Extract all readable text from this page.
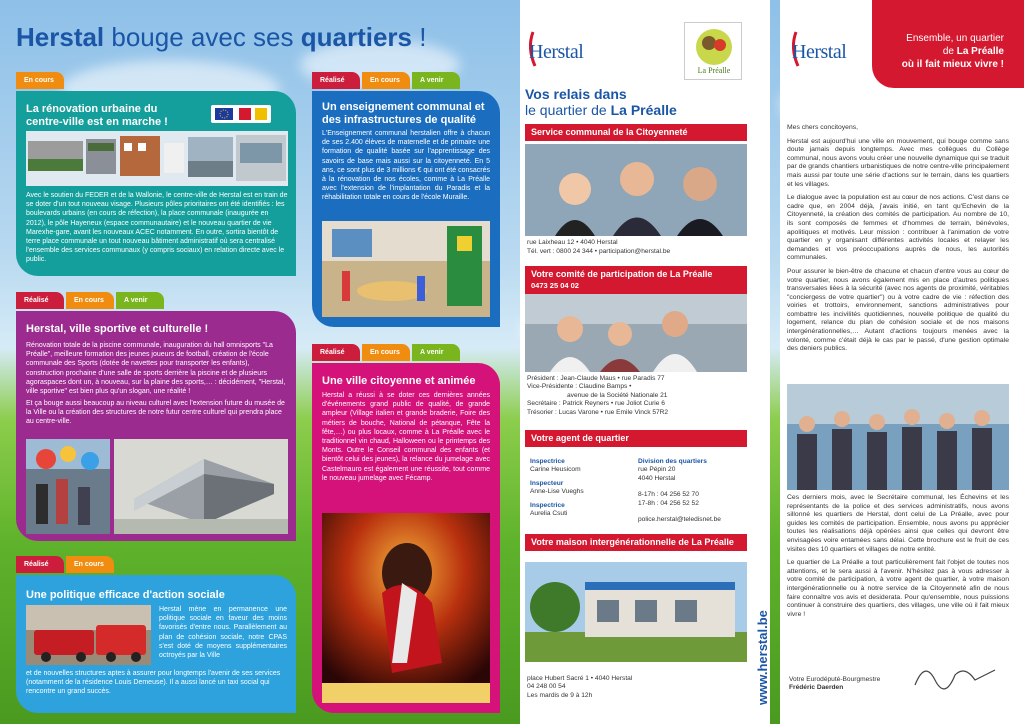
Herstal bouge avec ses quartiers !
En cours
La rénovation urbaine du centre-ville est en marche !

Avec le soutien du FEDER et de la Wallonie, le centre-ville de Herstal est en train de se doter d'un tout nouveau visage. Plusieurs pôles prioritaires ont été identifiés : les boulevards urbains (en cours de réfection), la place communale (inaugurée en 2012), le pôle Hayeneux (espace communautaire) et le nouveau quartier de vie Marexhe-gare, avant les nouveaux ACEC notamment. En outre, sortira bientôt de terre place communale un tout nouveau bâtiment administratif où sera centralisé l'ensemble des services communaux (y compris sociaux) en relation directe avec le public.

Réalisé	En cours	A venir
Un enseignement communal et des infrastructures de qualité

L'Enseignement communal herstalien offre à chacun de ses 2.400 élèves de maternelle et de primaire une formation de qualité basée sur l'apprentissage des savoirs de base mais aussi sur la citoyenneté. En 5 ans, ce sont plus de 3 millions € qui ont été consacrés à la rénovation de nos écoles, comme à La Préalle avec l'extension de l'implantation du Paradis et la réhabilitation totale en cours de l'école Muraille.

Réalisé	En cours	A venir
Herstal, ville sportive et culturelle !

Rénovation totale de la piscine communale, inauguration du hall omnisports "La Préalle", meilleure formation des jeunes joueurs de football, création de l'école communale des Sports (dotée de navettes pour transporter les enfants), construction prochaine d'une salle de sports derrière la piscine et de plusieurs agoraspaces dont un, à nouveau, sur la plaine des sports,… : décidément, "Herstal, ville sportive" est bien plus qu'un slogan, une réalité !

Et ça bouge aussi beaucoup au niveau culturel avec l'extension future du musée de la Ville ou la création des structures de notre futur centre culturel qui prendra place au centre-ville.

Réalisé	En cours	A venir
Une ville citoyenne et animée

Herstal a réussi à se doter ces dernières années d'événements grand public de qualité, de grande ampleur (Village italien et grande braderie, Foire des métiers de bouche, National de pétanque, Fête la fête,…) ou plus locaux, comme à La Préalle avec le traditionnel vin chaud, Halloween ou le printemps des Monts. Outre le Conseil communal des enfants (et bientôt celui des jeunes), la relance du jumelage avec Castelmauro est également une réussite, tout comme le nouveau jumelage avec Fécamp.

Réalisé	En cours
Une politique efficace d'action sociale

Herstal mène en permanence une politique sociale en faveur des moins favorisés d'entre nous. Parallèlement au plan de cohésion sociale, notre CPAS s'est doté de moyens supplémentaires octroyés par la Ville

et de nouvelles structures aptes à assurer pour longtemps l'avenir de ses services (notamment de la résidence Louis Demeuse). Il a aussi lancé un taxi social qui rencontre un grand succès.

Herstal
La Préalle
Vos relais dans
le quartier de La Préalle
Service communal de la Citoyenneté
rue Laixheau 12 • 4040 Herstal
Tél. vert : 0800 24 344 • participation@herstal.be
Votre comité de participation de La Préalle
0473 25 04 02
Président : Jean-Claude Maus • rue Paradis 77
Vice-Présidente : Claudine Bamps •
avenue de la Société Nationale 21
Secrétaire : Patrick Reyners • rue Joliot Curie 6
Trésorier : Lucas Varone • rue Emile Vinck 57R2
Votre agent de quartier
Inspectrice
Carine Heusicom
Inspecteur
Anne-Lise Vueghs
Inspectrice
Aurelia Csuti
Division des quartiers
rue Pépin 20
4040 Herstal
8-17h : 04 256 52 70
17-8h : 04 256 52 52
police.herstal@teledisnet.be
Votre maison intergénérationnelle de La Préalle
place Hubert Sacré 1 • 4040 Herstal
04 248 00 54
Les mardis de 9 à 12h	www.herstal.be
Herstal
Ensemble, un quartier
de La Préalle
où il fait mieux vivre !

Mes chers concitoyens,

Herstal est aujourd'hui une ville en mouvement, qui bouge comme sans doute jamais depuis longtemps. Avec mes collègues du Collège communal, nous avons voulu créer une nouvelle dynamique qui se traduit par de grands chantiers urbanistiques de notre centre-ville principalement mais aussi par toute une série d'actions sur le terrain, dans les quartiers et les villages.

Le dialogue avec la population est au cœur de nos actions. C'est dans ce cadre que, en 2004 déjà, j'avais initié, en tant qu'Echevin de la Citoyenneté, la création des comités de participation. Au nombre de 10, ils sont composés de femmes et d'hommes de terrain, bénévoles, apolitiques et motivés. Leur mission : contribuer à l'animation de votre quartier en y organisant différentes activités locales et relayer les demandes et vos préoccupations auprès de nous, les autorités communales.

Pour assurer le bien-être de chacune et chacun d'entre vous au cœur de votre quartier, nous avons également mis en place d'autres politiques transversales liées à la sécurité (avec nos agents de proximité, véritables "conciergess de votre quartier") ou à votre cadre de vie : réfection des voiries et trottoirs, environnement, sanctions administratives pour combattre les incivilités quotidiennes, nouvelle politique de qualité du logement, relance du plan de cohésion sociale et de nos maisons intergénérationnelles,… Autant d'actions toujours menées avec la volonté, comme c'était déjà le cas par le passé, d'une gestion optimale des deniers publics.

Ces derniers mois, avec le Secrétaire communal, les Échevins et les représentants de la police et des services administratifs, nous avons sillonné les quartiers de Herstal, dont celui de La Préalle, avec pour guides les comités de participation. Ensemble, nous avons pu apprécier toutes les réalisations déjà opérées ainsi que celles qui devront être envisagées voire entamées sans délai. Cette brochure est le fruit de ces visites des 10 quartiers et villages de notre entité.

Le quartier de La Préalle a tout particulièrement fait l'objet de toutes nos attentions, et le sera aussi à l'avenir. N'hésitez pas à vous adresser à votre comité de participation, à votre agent de quartier, à votre maison intergénérationnelle ou à notre service de la Citoyenneté afin de nous faire connaître vos avis et desiderata. Pour qu'ensemble, nous puissions continuer à construire des quartiers, des villages, une ville où il fait mieux vivre !

Votre Eurodéputé-Bourgmestre
Frédéric Daerden
